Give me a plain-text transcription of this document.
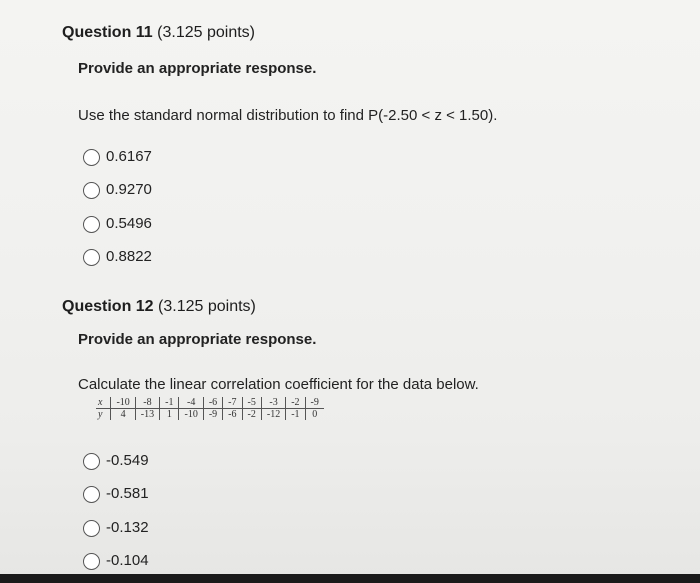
Question 11 (3.125 points)
Provide an appropriate response.
Use the standard normal distribution to find P(-2.50 < z < 1.50).
0.6167
0.9270
0.5496
0.8822
Question 12 (3.125 points)
Provide an appropriate response.
Calculate the linear correlation coefficient for the data below.
x	-10	-8	-1	-4	-6	-7	-5	-3	-2	-9
y	4	-13	1	-10	-9	-6	-2	-12	-1	0
-0.549
-0.581
-0.132
-0.104
